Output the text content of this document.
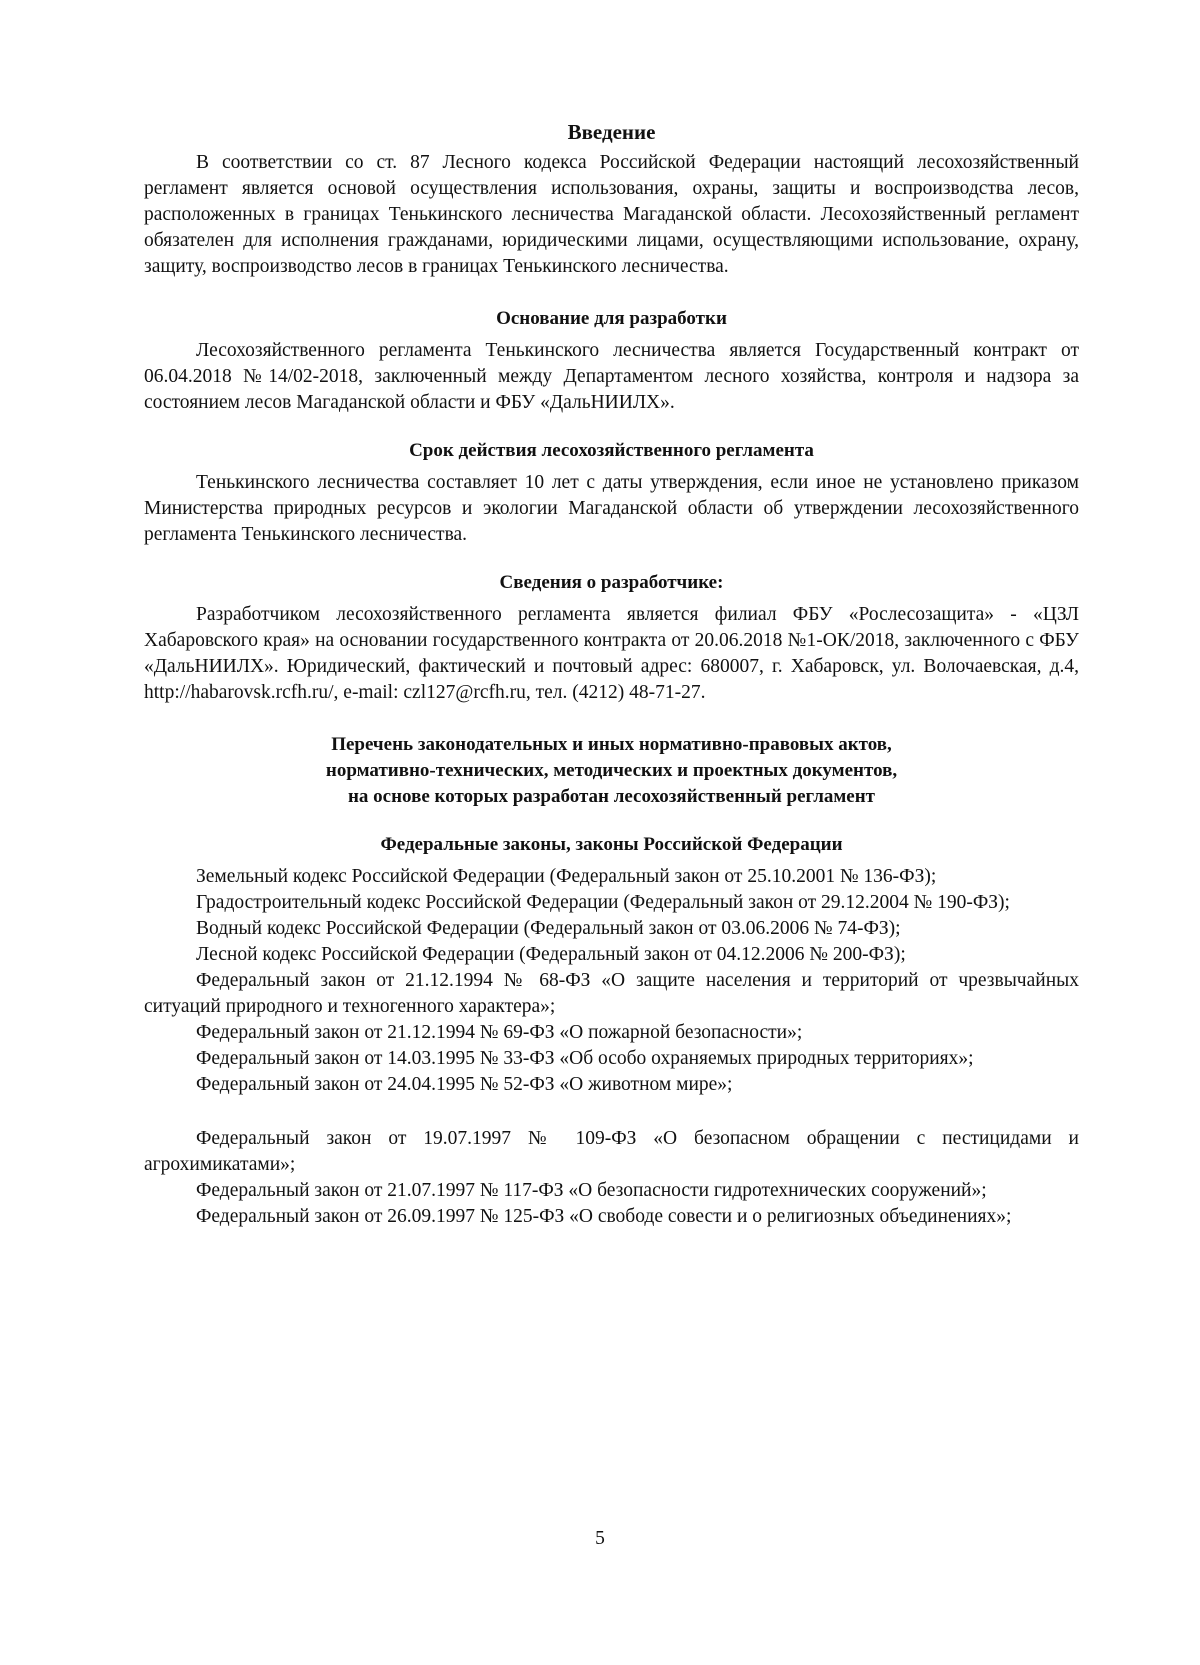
Введение

В соответствии со ст. 87 Лесного кодекса Российской Федерации настоящий лесохозяйственный регламент является основой осуществления использования, охраны, защиты и воспроизводства лесов, расположенных в границах Тенькинского лесничества Магаданской области. Лесохозяйственный регламент обязателен для исполнения гражданами, юридическими лицами, осуществляющими использование, охрану, защиту, воспроизводство лесов в границах Тенькинского лесничества.

Основание для разработки

Лесохозяйственного регламента Тенькинского лесничества является Государственный контракт от 06.04.2018 №14/02-2018, заключенный между Департаментом лесного хозяйства, контроля и надзора за состоянием лесов Магаданской области и ФБУ «ДальНИИЛХ».

Срок действия лесохозяйственного регламента

Тенькинского лесничества составляет 10 лет с даты утверждения, если иное не установлено приказом Министерства природных ресурсов и экологии Магаданской области об утверждении лесохозяйственного регламента Тенькинского лесничества.

Сведения о разработчике:

Разработчиком лесохозяйственного регламента является филиал ФБУ «Рослесозащита» - «ЦЗЛ Хабаровского края» на основании государственного контракта от 20.06.2018 №1-ОК/2018, заключенного с ФБУ «ДальНИИЛХ». Юридический, фактический и почтовый адрес: 680007, г. Хабаровск, ул. Волочаевская, д.4, http://habarovsk.rcfh.ru/, e-mail: czl127@rcfh.ru, тел. (4212) 48-71-27.

Перечень законодательных и иных нормативно-правовых актов,
нормативно-технических, методических и проектных документов,
на основе которых разработан лесохозяйственный регламент
Федеральные законы, законы Российской Федерации

Земельный кодекс Российской Федерации (Федеральный закон от 25.10.2001 № 136-ФЗ);

Градостроительный кодекс Российской Федерации (Федеральный закон от 29.12.2004 № 190-ФЗ);

Водный кодекс Российской Федерации (Федеральный закон от 03.06.2006 № 74-ФЗ);

Лесной кодекс Российской Федерации (Федеральный закон от 04.12.2006 № 200-ФЗ);

Федеральный закон от 21.12.1994 № 68-ФЗ «О защите населения и территорий от чрезвычайных ситуаций природного и техногенного характера»;

Федеральный закон от 21.12.1994 № 69-ФЗ «О пожарной безопасности»;

Федеральный закон от 14.03.1995 № 33-ФЗ «Об особо охраняемых природных территориях»;

Федеральный закон от 24.04.1995 № 52-ФЗ «О животном мире»;

Федеральный закон от 19.07.1997 № 109-ФЗ «О безопасном обращении с пестицидами и агрохимикатами»;

Федеральный закон от 21.07.1997 № 117-ФЗ «О безопасности гидротехнических сооружений»;

Федеральный закон от 26.09.1997 № 125-ФЗ «О свободе совести и о религиозных объединениях»;

5
